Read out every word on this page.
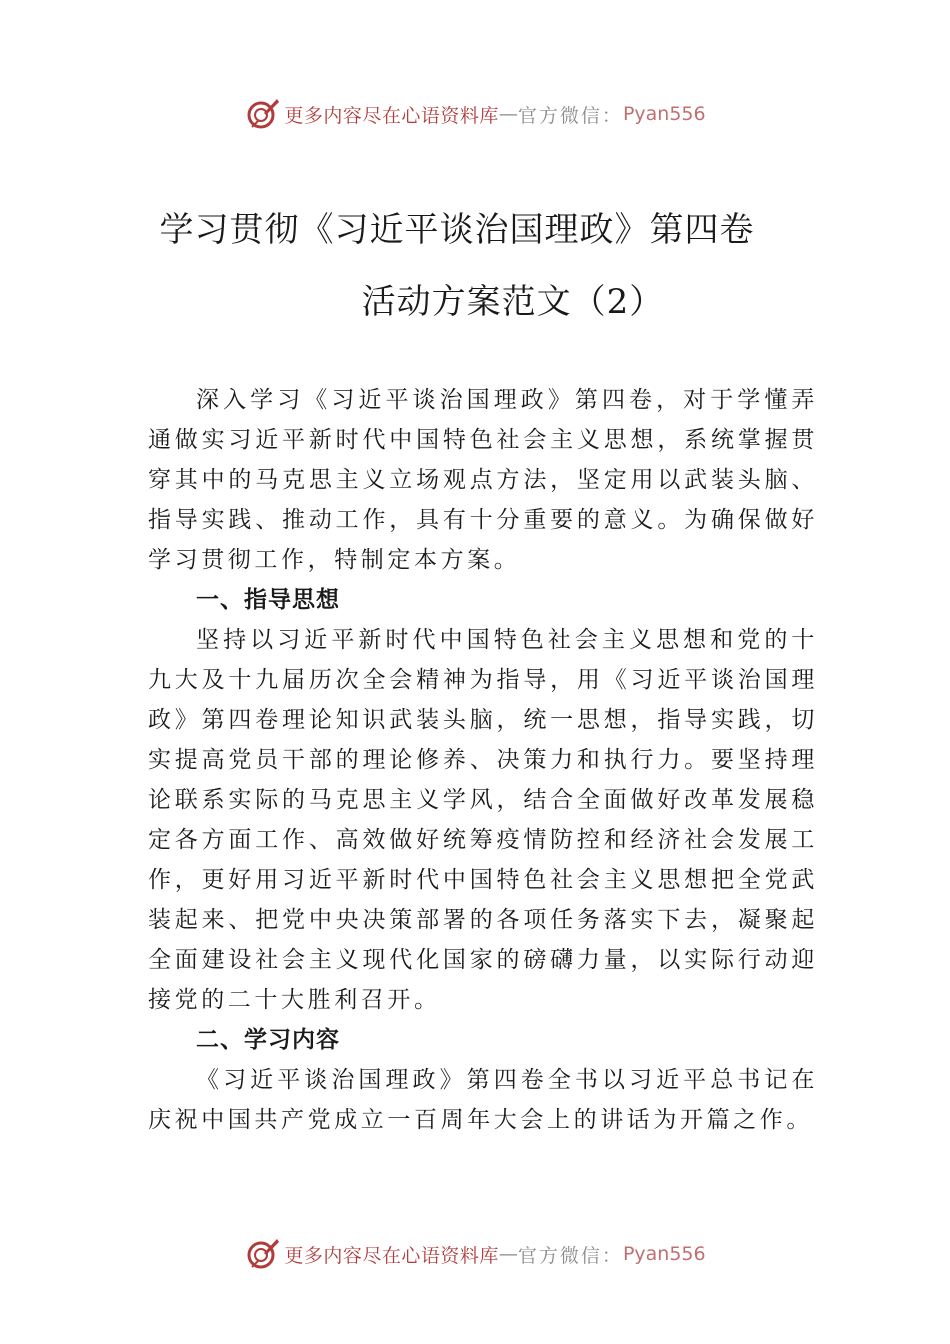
更多内容尽在心语资料库 — 官方微信： Pyan556
学习贯彻《习近平谈治国理政》第四卷
活动方案范文（2）

深入学习《习近平谈治国理政》第四卷，对于学懂弄通做实习近平新时代中国特色社会主义思想，系统掌握贯穿其中的马克思主义立场观点方法，坚定用以武装头脑、指导实践、推动工作，具有十分重要的意义。为确保做好学习贯彻工作，特制定本方案。

一、指导思想

坚持以习近平新时代中国特色社会主义思想和党的十九大及十九届历次全会精神为指导，用《习近平谈治国理政》第四卷理论知识武装头脑，统一思想，指导实践，切实提高党员干部的理论修养、决策力和执行力。要坚持理论联系实际的马克思主义学风，结合全面做好改革发展稳定各方面工作、高效做好统筹疫情防控和经济社会发展工作，更好用习近平新时代中国特色社会主义思想把全党武装起来、把党中央决策部署的各项任务落实下去，凝聚起全面建设社会主义现代化国家的磅礴力量，以实际行动迎接党的二十大胜利召开。

二、学习内容

《习近平谈治国理政》第四卷全书以习近平总书记在庆祝中国共产党成立一百周年大会上的讲话为开篇之作。

更多内容尽在心语资料库 — 官方微信： Pyan556
